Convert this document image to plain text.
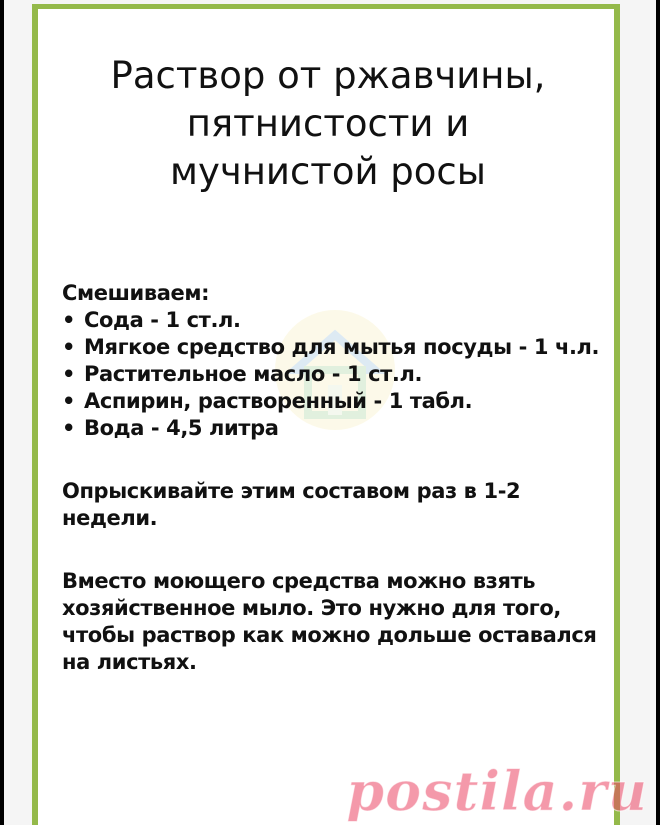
Раствор от ржавчины,
пятнистости и
мучнистой росы

Смешиваем:

• Сода - 1 ст.л.
• Мягкое средство для мытья посуды - 1 ч.л.
• Растительное масло - 1 ст.л.
• Аспирин, растворенный - 1 табл.
• Вода - 4,5 литра

Опрыскивайте этим составом раз в 1-2 недели.

Вместо моющего средства можно взять хозяйственное мыло. Это нужно для того, чтобы раствор как можно дольше оставался на листьях.

postila.ru
